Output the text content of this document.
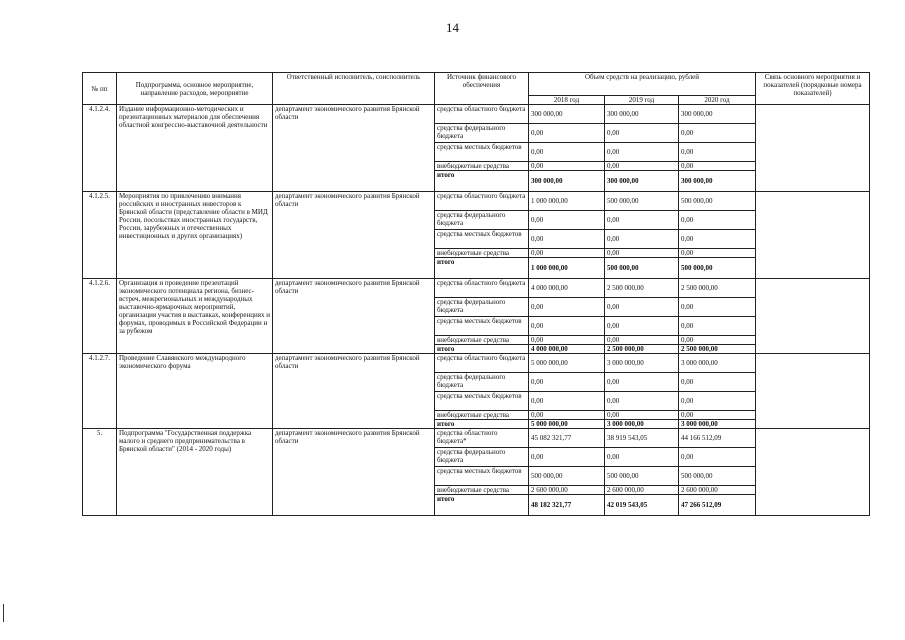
14
№ пп	Подпрограмма, основное мероприятие, направление расходов, мероприятие	Ответственный исполнитель, соисполнитель	Источник финансового обеспечения	Объем средств на реализацию, рублей			Связь основного мероприятия и показателей (порядковые номера показателей)
				2018 год	2019 год	2020 год	
4.1.2.4.	Издание информационно-методических и презентационных материалов для обеспечения областной конгрессно-выставочной деятельности	департамент экономического развития Брянской области	средства областного бюджета	300 000,00	300 000,00	300 000,00	
			средства федерального бюджета	0,00	0,00	0,00	
			средства местных бюджетов	0,00	0,00	0,00	
			внебюджетные средства	0,00	0,00	0,00	
			итого	300 000,00	300 000,00	300 000,00	
4.1.2.5.	Мероприятия по привлечению внимания российских и иностранных инвесторов к Брянской области (представление области в МИД России, посольствах иностранных государств, России, зарубежных и отечественных инвестиционных и других организациях)	департамент экономического развития Брянской области	средства областного бюджета	1 000 000,00	500 000,00	500 000,00	
			средства федерального бюджета	0,00	0,00	0,00	
			средства местных бюджетов	0,00	0,00	0,00	
			внебюджетные средства	0,00	0,00	0,00	
			итого	1 000 000,00	500 000,00	500 000,00	
4.1.2.6.	Организация и проведение презентаций экономического потенциала региона, бизнес-встреч, межрегиональных и международных выставочно-ярмарочных мероприятий, организация участия в выставках, конференциях и форумах, проводимых в Российской Федерации и за рубежом	департамент экономического развития Брянской области	средства областного бюджета	4 000 000,00	2 500 000,00	2 500 000,00	
			средства федерального бюджета	0,00	0,00	0,00	
			средства местных бюджетов	0,00	0,00	0,00	
			внебюджетные средства	0,00	0,00	0,00	
			итого	4 000 000,00	2 500 000,00	2 500 000,00	
4.1.2.7.	Проведение Славянского международного экономического форума	департамент экономического развития Брянской области	средства областного бюджета	5 000 000,00	3 000 000,00	3 000 000,00	
			средства федерального бюджета	0,00	0,00	0,00	
			средства местных бюджетов	0,00	0,00	0,00	
			внебюджетные средства	0,00	0,00	0,00	
			итого	5 000 000,00	3 000 000,00	3 000 000,00	
5.	Подпрограмма "Государственная поддержка малого и среднего предпринимательства в Брянской области" (2014 - 2020 годы)	департамент экономического развития Брянской области	средства областного бюджета*	45 082 321,77	38 919 543,05	44 166 512,09	
			средства федерального бюджета	0,00	0,00	0,00	
			средства местных бюджетов	500 000,00	500 000,00	500 000,00	
			внебюджетные средства	2 600 000,00	2 600 000,00	2 600 000,00	
			итого	48 182 321,77	42 019 543,05	47 266 512,09	
